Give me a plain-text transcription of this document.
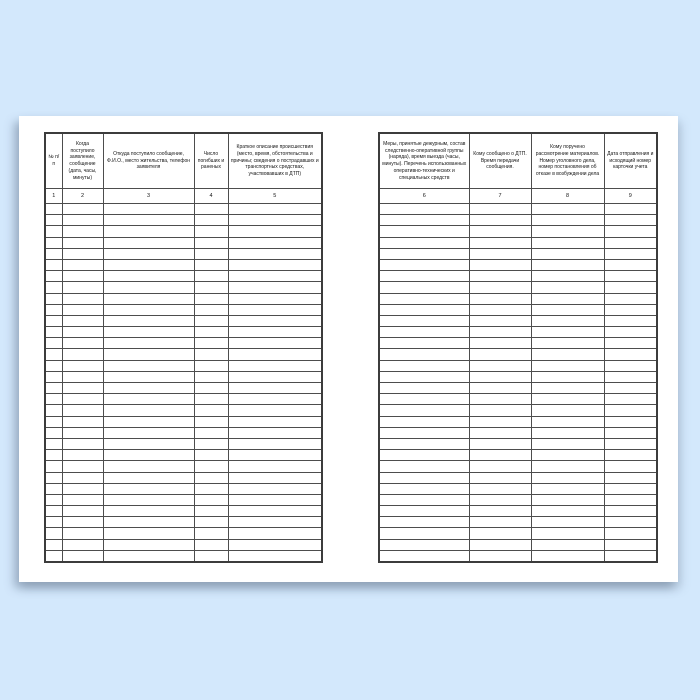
№ п/п	Когда поступило заявление, сообщение (дата, часы, минуты)	Откуда поступило сообщение, Ф.И.О., место жительства, телефон заявителя	Число погибших и раненых	Краткое описание происшествия (место, время, обстоятельства и причины; сведения о пострадавших и транспортных средствах, участвовавших в ДТП)
1	2	3	4	5

Меры, принятые дежурным, состав следственно-оперативной группы (наряда), время выезда (часы, минуты). Перечень использованных оперативно-технических и специальных средств	Кому сообщено о ДТП. Время передачи сообщения.	Кому поручено рассмотрение материалов. Номер уголовного дела, номер постановления об отказе в возбуждении дела	Дата отправления и исходящий номер карточки учета
6	7	8	9
